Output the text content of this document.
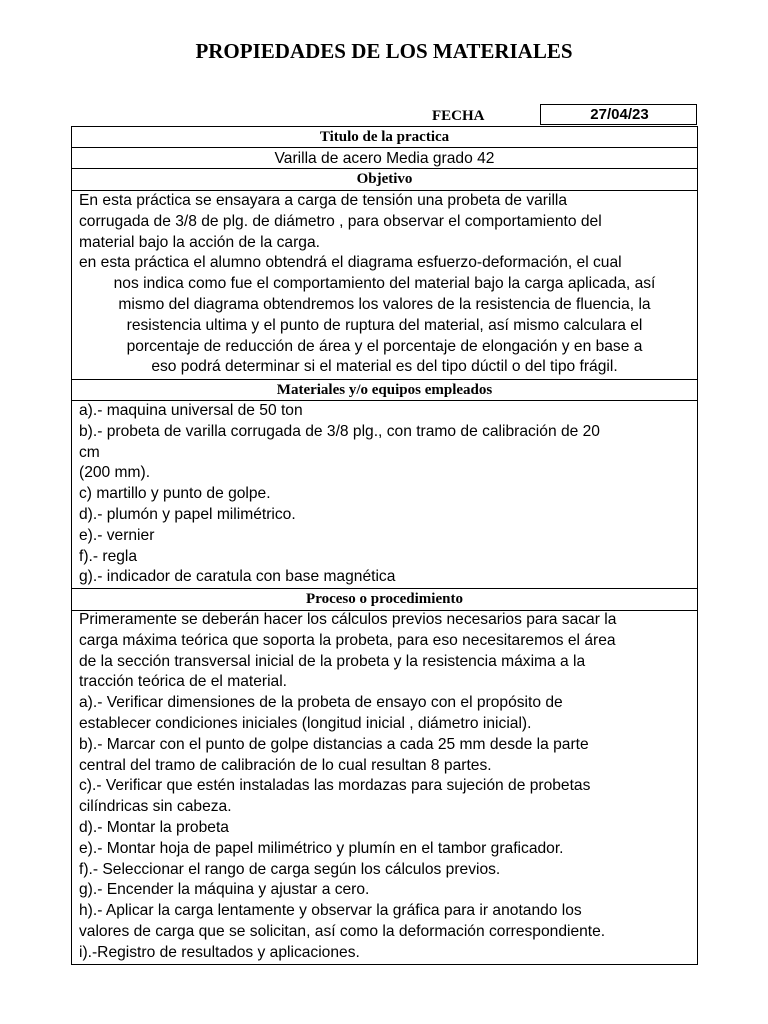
PROPIEDADES DE LOS MATERIALES
FECHA	27/04/23
Titulo de la practica
Varilla de acero Media grado 42
Objetivo
En esta práctica se ensayara a carga de tensión una probeta de varilla
corrugada de 3/8 de plg. de diámetro , para observar el comportamiento del
material bajo la acción de la carga.
en esta práctica el alumno obtendrá el diagrama esfuerzo-deformación, el cual
nos indica como fue el comportamiento del material bajo la carga aplicada, así
mismo del diagrama obtendremos los valores de la resistencia de fluencia, la
resistencia ultima y el punto de ruptura del material, así mismo calculara el
porcentaje de reducción de área y el porcentaje de elongación y en base a
eso podrá determinar si el material es del tipo dúctil o del tipo frágil.
Materiales y/o equipos empleados
a).- maquina universal de 50 ton
b).- probeta de varilla corrugada de 3/8 plg., con tramo de calibración de 20
cm
(200 mm).
c) martillo y punto de golpe.
d).- plumón y papel milimétrico.
e).- vernier
f).- regla
g).- indicador de caratula con base magnética
Proceso o procedimiento
Primeramente se deberán hacer los cálculos previos necesarios para sacar la
carga máxima teórica que soporta la probeta, para eso necesitaremos el área
de la sección transversal inicial de la probeta y la resistencia máxima a la
tracción teórica de el material.
a).- Verificar dimensiones de la probeta de ensayo con el propósito de
establecer condiciones iniciales (longitud inicial , diámetro inicial).
b).- Marcar con el punto de golpe distancias a cada 25 mm desde la parte
central del tramo de calibración de lo cual resultan 8 partes.
c).- Verificar que estén instaladas las mordazas para sujeción de probetas
cilíndricas sin cabeza.
d).- Montar la probeta
e).- Montar hoja de papel milimétrico y plumín en el tambor graficador.
f).- Seleccionar el rango de carga según los cálculos previos.
g).- Encender la máquina y ajustar a cero.
h).- Aplicar la carga lentamente y observar la gráfica para ir anotando los
valores de carga que se solicitan, así como la deformación correspondiente.
i).-Registro de resultados y aplicaciones.
